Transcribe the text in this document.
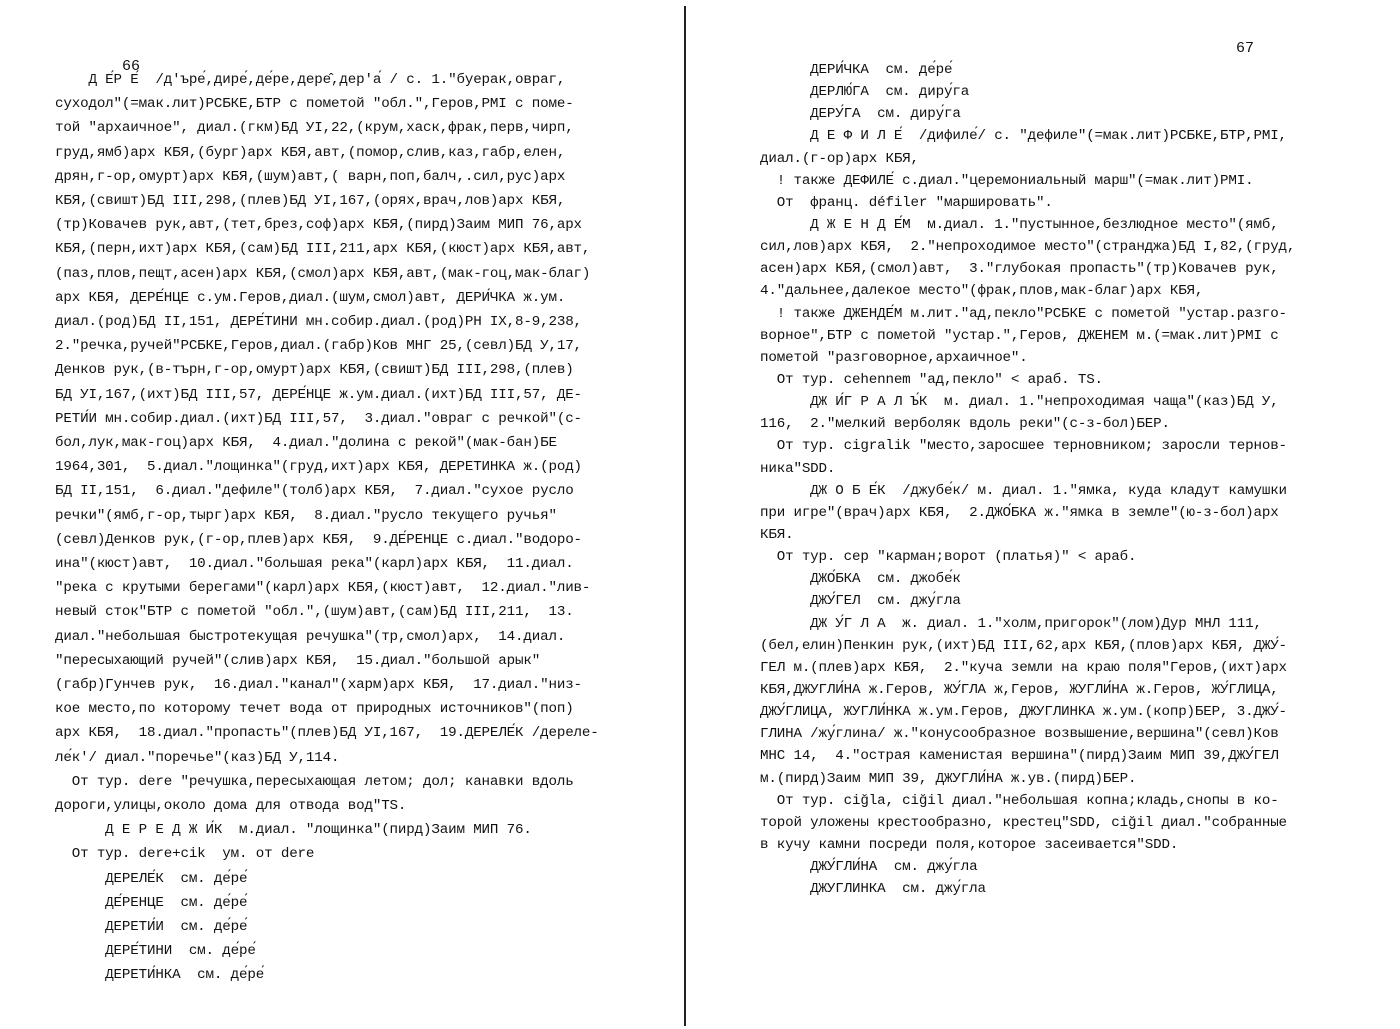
66
67
Д Е́Р Е́  /д'ъре́,дире́,де́ре,дере̂,дер'а́ / с. 1."буерак,овраг,
суходол"(=мак.лит)РСБКЕ,БТР с пометой "обл.",Геров,РМІ с поме-
той "архаичное", диал.(гкм)БД УІ,22,(крум,хаск,фрак,перв,чирп,
груд,ямб)арх КБЯ,(бург)арх КБЯ,авт,(помор,слив,каз,габр,елен,
дрян,г-ор,омурт)арх КБЯ,(шум)авт,( варн,поп,балч,.сил,рус)арх
КБЯ,(свишт)БД ІІІ,298,(плев)БД УІ,167,(орях,врач,лов)арх КБЯ,
(тр)Ковачев рук,авт,(тет,брез,соф)арх КБЯ,(пирд)Заим МИП 76,арх
КБЯ,(перн,ихт)арх КБЯ,(сам)БД ІІІ,211,арх КБЯ,(кюст)арх КБЯ,авт,
(паз,плов,пещт,асен)арх КБЯ,(смол)арх КБЯ,авт,(мак-гоц,мак-благ)
арх КБЯ, ДЕРЕ́НЦЕ с.ум.Геров,диал.(шум,смол)авт, ДЕРИ́ЧКА ж.ум.
диал.(род)БД ІІ,151, ДЕРЕ́ТИНИ мн.собир.диал.(род)РН ІХ,8-9,238,
2."речка,ручей"РСБКЕ,Геров,диал.(габр)Ков МНГ 25,(севл)БД У,17,
Денков рук,(в-търн,г-ор,омурт)арх КБЯ,(свишт)БД ІІІ,298,(плев)
БД УІ,167,(ихт)БД ІІІ,57, ДЕРЕ́НЦЕ ж.ум.диал.(ихт)БД ІІІ,57, ДЕ-
РЕТИ́И мн.собир.диал.(ихт)БД ІІІ,57,  3.диал."овраг с речкой"(с-
бол,лук,мак-гоц)арх КБЯ,  4.диал."долина с рекой"(мак-бан)БЕ
1964,301,  5.диал."лощинка"(груд,ихт)арх КБЯ, ДЕРЕТИНКА ж.(род)
БД ІІ,151,  6.диал."дефиле"(толб)арх КБЯ,  7.диал."сухое русло
речки"(ямб,г-ор,тырг)арх КБЯ,  8.диал."русло текущего ручья"
(севл)Денков рук,(г-ор,плев)арх КБЯ,  9.ДЕ́РЕНЦЕ с.диал."водоро-
ина"(кюст)авт,  10.диал."большая река"(карл)арх КБЯ,  11.диал.
"река с крутыми берегами"(карл)арх КБЯ,(кюст)авт,  12.диал."лив-
невый сток"БТР с пометой "обл.",(шум)авт,(сам)БД ІІІ,211,  13.
диал."небольшая быстротекущая речушка"(тр,смол)арх,  14.диал.
"пересыхающий ручей"(слив)арх КБЯ,  15.диал."большой арык"
(габр)Гунчев рук,  16.диал."канал"(харм)арх КБЯ,  17.диал."низ-
кое место,по которому течет вода от природных источников"(поп)
арх КБЯ,  18.диал."пропасть"(плев)БД УІ,167,  19.ДЕРЕЛЕ́К /дереле-
ле́к'/ диал."поречье"(каз)БД У,114.
От тур. dere "речушка,пересыхающая летом; дол; канавки вдоль
дороги,улицы,около дома для отвода вод"TS.
Д Е Р Е Д Ж И́К  м.диал. "лощинка"(пирд)Заим МИП 76.
От тур. dere+cik  ум. от dere
ДЕРЕЛЕ́К  см. де́ре́
ДЕ́РЕНЦЕ  см. де́ре́
ДЕРЕТИ́И  см. де́ре́
ДЕРЕ́ТИНИ  см. де́ре́
ДЕРЕТИ́НКА  см. де́ре́
ДЕРИ́ЧКА  см. де́ре́
ДЕРЛЮ́ГА  см. диру́га
ДЕРУ́ГА  см. диру́га
Д Е Ф И Л Е́  /дифиле́/ с. "дефиле"(=мак.лит)РСБКЕ,БТР,РМІ,
диал.(г-ор)арх КБЯ,
! также ДЕФИЛЕ́ с.диал."церемониальный марш"(=мак.лит)РМІ.
От  франц. défiler "маршировать".
Д Ж Е Н Д Е́М  м.диал. 1."пустынное,безлюдное место"(ямб,
сил,лов)арх КБЯ,  2."непроходимое место"(странджа)БД І,82,(груд,
асен)арх КБЯ,(смол)авт,  3."глубокая пропасть"(тр)Ковачев рук,
4."дальнее,далекое место"(фрак,плов,мак-благ)арх КБЯ,
! также ДЖЕНДЕ́М м.лит."ад,пекло"РСБКЕ с пометой "устар.разго-
ворное",БТР с пометой "устар.",Геров, ДЖЕНЕМ м.(=мак.лит)РМІ с
пометой "разговорное,архаичное".
От тур. cehennem "ад,пекло" < араб. TS.
ДЖ И́Г Р А Л Ъ́К  м. диал. 1."непроходимая чаща"(каз)БД У,
116,  2."мелкий верболяк вдоль реки"(с-з-бол)БЕР.
От тур. cigralik "место,заросшее терновником; заросли тернов-
ника"SDD.
ДЖ О Б Е́К  /джубе́к/ м. диал. 1."ямка, куда кладут камушки
при игре"(врач)арх КБЯ,  2.ДЖО́БКА ж."ямка в земле"(ю-з-бол)арх
КБЯ.
От тур. cep "карман;ворот (платья)" < араб.
ДЖО́БКА  см. джобе́к
ДЖУ́ГЕЛ  см. джу́гла
ДЖ У́Г Л А  ж. диал. 1."холм,пригорок"(лом)Дур МНЛ 111,
(бел,елин)Пенкин рук,(ихт)БД ІІІ,62,арх КБЯ,(плов)арх КБЯ, ДЖУ́-
ГЕЛ м.(плев)арх КБЯ,  2."куча земли на краю поля"Геров,(ихт)арх
КБЯ,ДЖУГЛИ́НА ж.Геров, ЖУ́ГЛА ж,Геров, ЖУГЛИ́НА ж.Геров, ЖУ́ГЛИЦА,
ДЖУ́ГЛИЦА, ЖУГЛИ́НКА ж.ум.Геров, ДЖУГЛИНКА ж.ум.(копр)БЕР, 3.ДЖУ́-
ГЛИНА /жу́глина/ ж."конусообразное возвышение,вершина"(севл)Ков
МНС 14,  4."острая каменистая вершина"(пирд)Заим МИП 39,ДЖУ́ГЕЛ
м.(пирд)Заим МИП 39, ДЖУГЛИ́НА ж.ув.(пирд)БЕР.
От тур. ciğla, ciğil диал."небольшая копна;кладь,снопы в ко-
торой уложены крестообразно, крестец"SDD, ciğil диал."собранные
в кучу камни посреди поля,которое засеивается"SDD.
ДЖУ́ГЛИ́НА  см. джу́гла
ДЖУГЛИНКА  см. джу́гла
